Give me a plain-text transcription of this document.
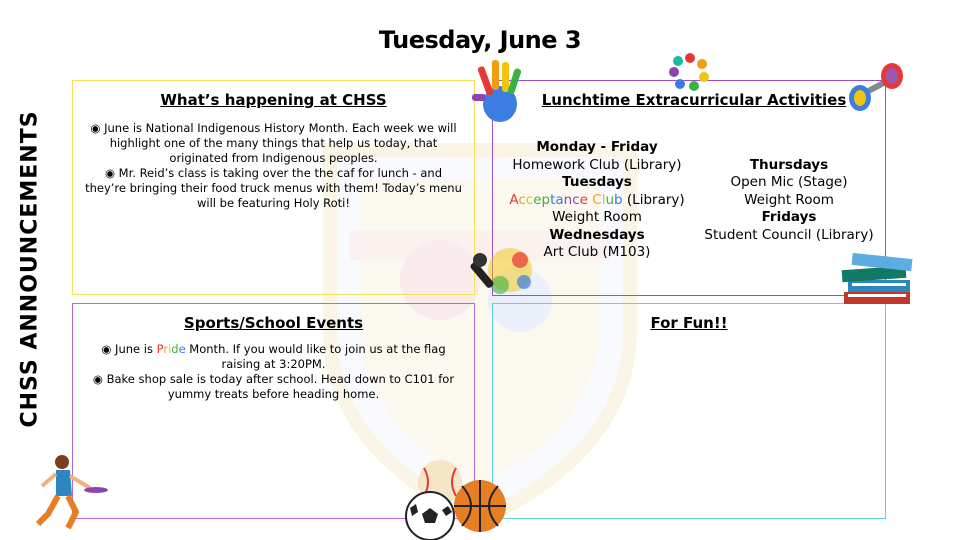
Tuesday, June 3
CHSS ANNOUNCEMENTS
What’s happening at CHSS

◉ June is National Indigenous History Month. Each week we will highlight one of the many things that help us today, that originated from Indigenous peoples.

◉ Mr. Reid’s class is taking over the the caf for lunch - and they’re bringing their food truck menus with them! Today’s menu will be featuring Holy Roti!

Lunchtime Extracurricular Activities
Monday - Friday
Homework Club (Library)
Tuesdays
Acceptance Club (Library)
Weight Room
Wednesdays
Art Club (M103)
Thursdays
Open Mic (Stage)
Weight Room
Fridays
Student Council (Library)
Sports/School Events

◉ June is Pride Month. If you would like to join us at the flag raising at 3:20PM.

◉ Bake shop sale is today after school. Head down to C101 for yummy treats before heading home.

For Fun!!
